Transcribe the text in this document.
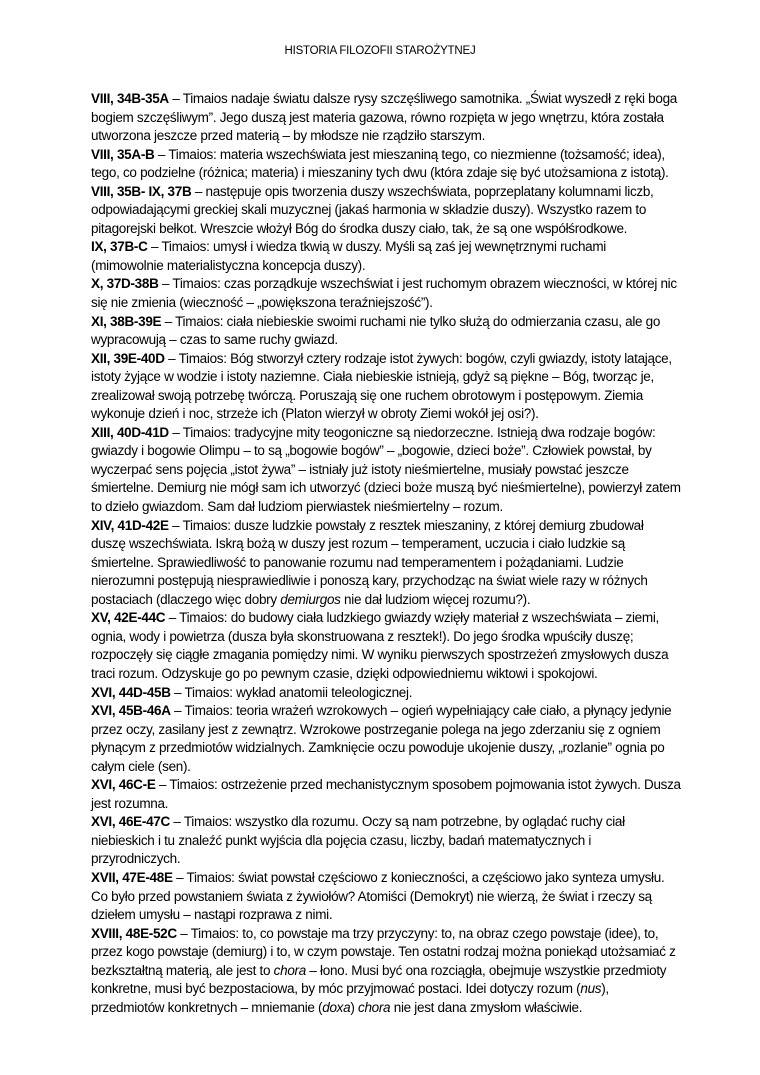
HISTORIA FILOZOFII STAROŻYTNEJ

VIII, 34B-35A – Timaios nadaje światu dalsze rysy szczęśliwego samotnika. „Świat wyszedł z ręki boga bogiem szczęśliwym”. Jego duszą jest materia gazowa, równo rozpięta w jego wnętrzu, która została utworzona jeszcze przed materią – by młodsze nie rządziło starszym.

VIII, 35A-B – Timaios: materia wszechświata jest mieszaniną tego, co niezmienne (tożsamość; idea), tego, co podzielne (różnica; materia) i mieszaniny tych dwu (która zdaje się być utożsamiona z istotą).

VIII, 35B- IX, 37B – następuje opis tworzenia duszy wszechświata, poprzeplatany kolumnami liczb, odpowiadającymi greckiej skali muzycznej (jakaś harmonia w składzie duszy). Wszystko razem to pitagorejski bełkot. Wreszcie włożył Bóg do środka duszy ciało, tak, że są one współśrodkowe.

IX, 37B-C – Timaios: umysł i wiedza tkwią w duszy. Myśli są zaś jej wewnętrznymi ruchami (mimowolnie materialistyczna koncepcja duszy).

X, 37D-38B – Timaios: czas porządkuje wszechświat i jest ruchomym obrazem wieczności, w której nic się nie zmienia (wieczność – „powiększona teraźniejszość”).

XI, 38B-39E – Timaios: ciała niebieskie swoimi ruchami nie tylko służą do odmierzania czasu, ale go wypracowują – czas to same ruchy gwiazd.

XII, 39E-40D – Timaios: Bóg stworzył cztery rodzaje istot żywych: bogów, czyli gwiazdy, istoty latające, istoty żyjące w wodzie i istoty naziemne. Ciała niebieskie istnieją, gdyż są piękne – Bóg, tworząc je, zrealizował swoją potrzebę twórczą. Poruszają się one ruchem obrotowym i postępowym. Ziemia wykonuje dzień i noc, strzeże ich (Platon wierzył w obroty Ziemi wokół jej osi?).

XIII, 40D-41D – Timaios: tradycyjne mity teogoniczne są niedorzeczne. Istnieją dwa rodzaje bogów: gwiazdy i bogowie Olimpu – to są „bogowie bogów” – „bogowie, dzieci boże”. Człowiek powstał, by wyczerpać sens pojęcia „istot żywa” – istniały już istoty nieśmiertelne, musiały powstać jeszcze śmiertelne. Demiurg nie mógł sam ich utworzyć (dzieci boże muszą być nieśmiertelne), powierzył zatem to dzieło gwiazdom. Sam dał ludziom pierwiastek nieśmiertelny – rozum.

XIV, 41D-42E – Timaios: dusze ludzkie powstały z resztek mieszaniny, z której demiurg zbudował duszę wszechświata. Iskrą bożą w duszy jest rozum – temperament, uczucia i ciało ludzkie są śmiertelne. Sprawiedliwość to panowanie rozumu nad temperamentem i pożądaniami. Ludzie nierozumni postępują niesprawiedliwie i ponoszą kary, przychodząc na świat wiele razy w różnych postaciach (dlaczego więc dobry demiurgos nie dał ludziom więcej rozumu?).

XV, 42E-44C – Timaios: do budowy ciała ludzkiego gwiazdy wzięły materiał z wszechświata – ziemi, ognia, wody i powietrza (dusza była skonstruowana z resztek!). Do jego środka wpuściły duszę; rozpoczęły się ciągłe zmagania pomiędzy nimi. W wyniku pierwszych spostrzeżeń zmysłowych dusza traci rozum. Odzyskuje go po pewnym czasie, dzięki odpowiedniemu wiktowi i spokojowi.

XVI, 44D-45B – Timaios: wykład anatomii teleologicznej.

XVI, 45B-46A – Timaios: teoria wrażeń wzrokowych – ogień wypełniający całe ciało, a płynący jedynie przez oczy, zasilany jest z zewnątrz. Wzrokowe postrzeganie polega na jego zderzaniu się z ogniem płynącym z przedmiotów widzialnych. Zamknięcie oczu powoduje ukojenie duszy, „rozlanie” ognia po całym ciele (sen).

XVI, 46C-E – Timaios: ostrzeżenie przed mechanistycznym sposobem pojmowania istot żywych. Dusza jest rozumna.

XVI, 46E-47C – Timaios: wszystko dla rozumu. Oczy są nam potrzebne, by oglądać ruchy ciał niebieskich i tu znaleźć punkt wyjścia dla pojęcia czasu, liczby, badań matematycznych i przyrodniczych.

XVII, 47E-48E – Timaios: świat powstał częściowo z konieczności, a częściowo jako synteza umysłu. Co było przed powstaniem świata z żywiołów? Atomiści (Demokryt) nie wierzą, że świat i rzeczy są dziełem umysłu – nastąpi rozprawa z nimi.

XVIII, 48E-52C – Timaios: to, co powstaje ma trzy przyczyny: to, na obraz czego powstaje (idee), to, przez kogo powstaje (demiurg) i to, w czym powstaje. Ten ostatni rodzaj można poniekąd utożsamiać z bezkształtną materią, ale jest to chora – łono. Musi być ona rozciągła, obejmuje wszystkie przedmioty konkretne, musi być bezpostaciowa, by móc przyjmować postaci. Idei dotyczy rozum (nus), przedmiotów konkretnych – mniemanie (doxa) chora nie jest dana zmysłom właściwie.
